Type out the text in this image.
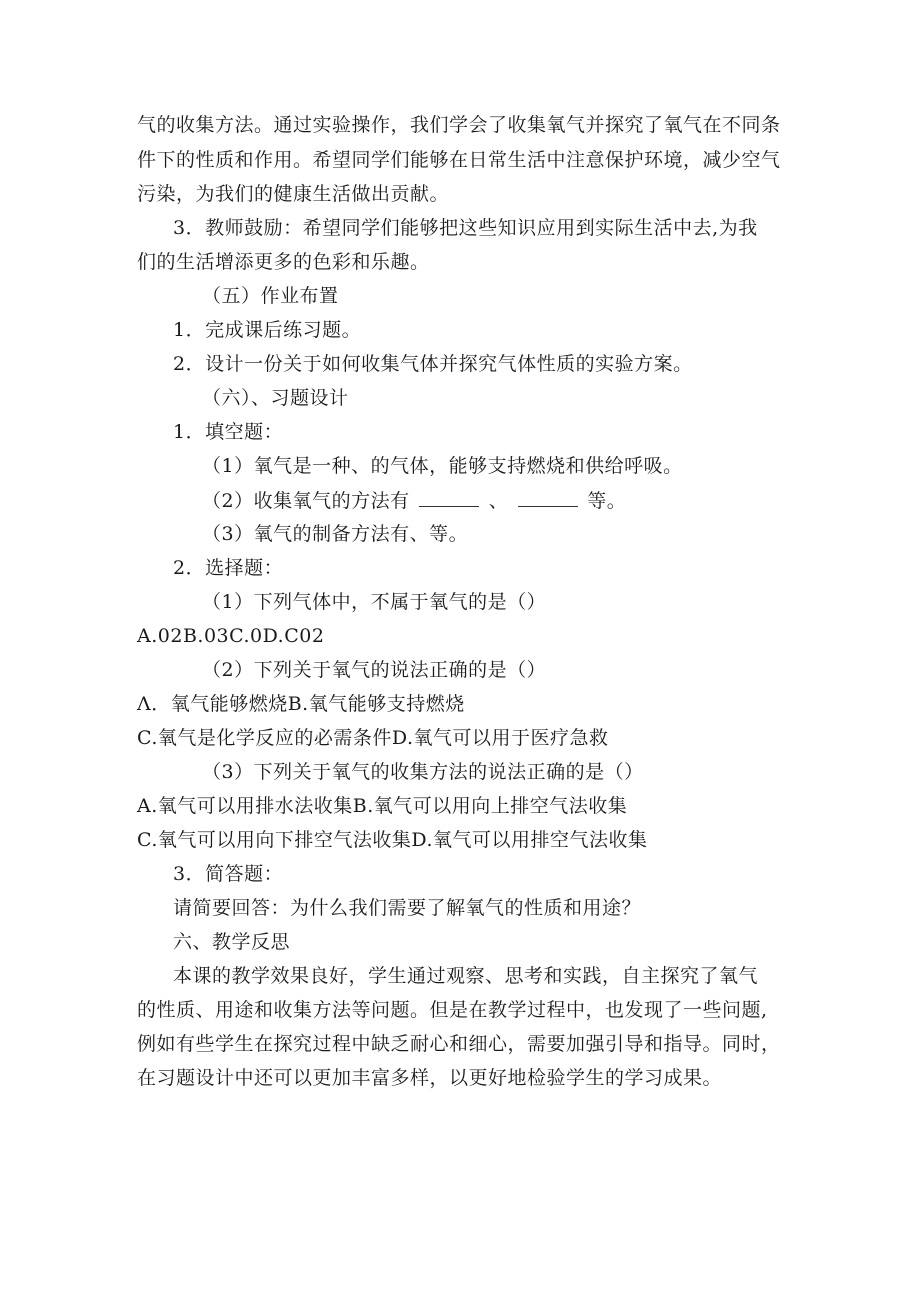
气的收集方法。通过实验操作，我们学会了收集氧气并探究了氧气在不同条
件下的性质和作用。希望同学们能够在日常生活中注意保护环境，减少空气
污染，为我们的健康生活做出贡献。
3．教师鼓励：希望同学们能够把这些知识应用到实际生活中去,为我
们的生活增添更多的色彩和乐趣。
（五）作业布置
1．完成课后练习题。
2．设计一份关于如何收集气体并探究气体性质的实验方案。
（六）、习题设计
1．填空题：
（1）氧气是一种、的气体，能够支持燃烧和供给呼吸。
（2）收集氧气的方法有	、	等。
（3）氧气的制备方法有、等。
2．选择题：
（1）下列气体中，不属于氧气的是（）
A.02B.03C.0D.C02
（2）下列关于氧气的说法正确的是（）
Λ．氧气能够燃烧B.氧气能够支持燃烧
C.氧气是化学反应的必需条件D.氧气可以用于医疗急救
（3）下列关于氧气的收集方法的说法正确的是（）
A.氧气可以用排水法收集B.氧气可以用向上排空气法收集
C.氧气可以用向下排空气法收集D.氧气可以用排空气法收集
3．简答题：
请简要回答：为什么我们需要了解氧气的性质和用途？
六、教学反思
本课的教学效果良好，学生通过观察、思考和实践，自主探究了氧气
的性质、用途和收集方法等问题。但是在教学过程中，也发现了一些问题,
例如有些学生在探究过程中缺乏耐心和细心，需要加强引导和指导。同时，
在习题设计中还可以更加丰富多样，以更好地检验学生的学习成果。
